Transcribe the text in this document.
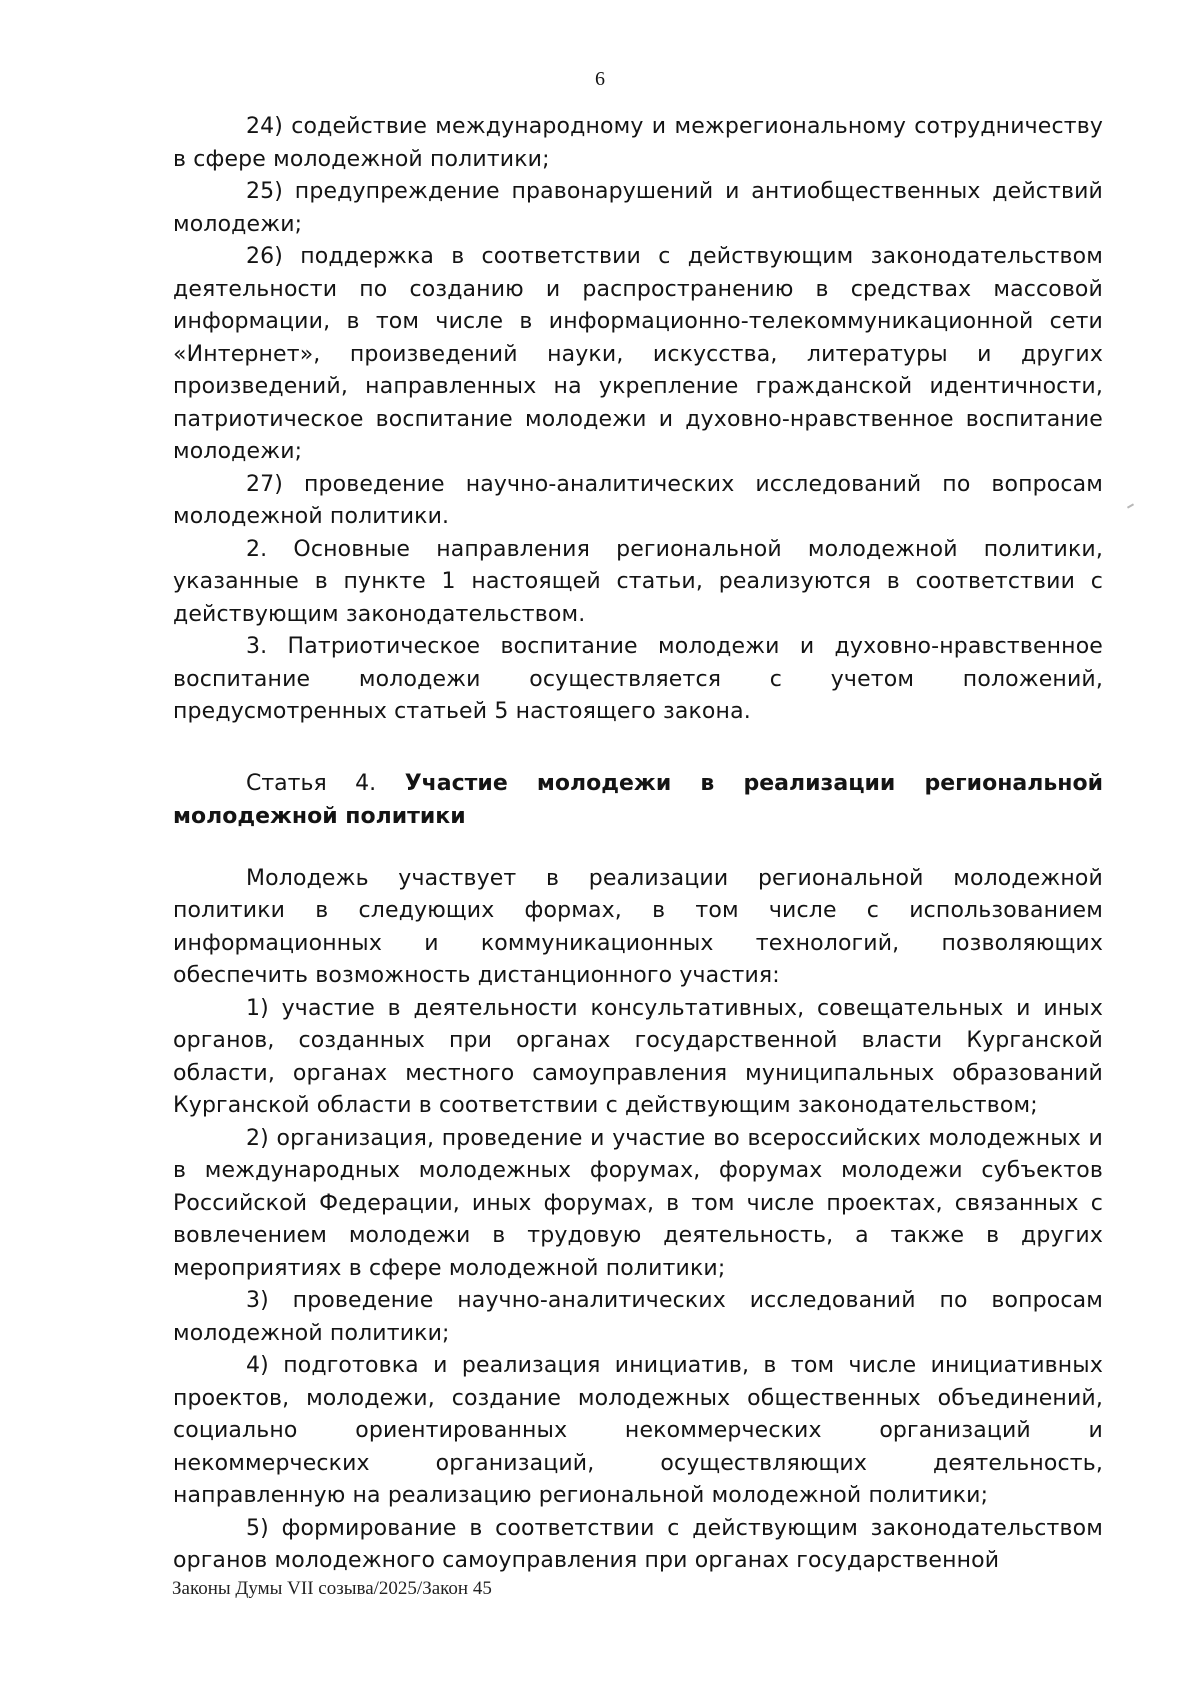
6

24) содействие международному и межрегиональному сотрудничеству в сфере молодежной политики;

25) предупреждение правонарушений и антиобщественных действий молодежи;

26) поддержка в соответствии с действующим законодательством деятельности по созданию и распространению в средствах массовой информации, в том числе в информационно-телекоммуникационной сети «Интернет», произведений науки, искусства, литературы и других произведений, направленных на укрепление гражданской идентичности, патриотическое воспитание молодежи и духовно-нравственное воспитание молодежи;

27) проведение научно-аналитических исследований по вопросам молодежной политики.

2. Основные направления региональной молодежной политики, указанные в пункте 1 настоящей статьи, реализуются в соответствии с действующим законодательством.

3. Патриотическое воспитание молодежи и духовно-нравственное воспитание молодежи осуществляется с учетом положений, предусмотренных статьей 5 настоящего закона.

Статья 4. Участие молодежи в реализации региональной молодежной политики

Молодежь участвует в реализации региональной молодежной политики в следующих формах, в том числе с использованием информационных и коммуникационных технологий, позволяющих обеспечить возможность дистанционного участия:

1) участие в деятельности консультативных, совещательных и иных органов, созданных при органах государственной власти Курганской области, органах местного самоуправления муниципальных образований Курганской области в соответствии с действующим законодательством;

2) организация, проведение и участие во всероссийских молодежных и в международных молодежных форумах, форумах молодежи субъектов Российской Федерации, иных форумах, в том числе проектах, связанных с вовлечением молодежи в трудовую деятельность, а также в других мероприятиях в сфере молодежной политики;

3) проведение научно-аналитических исследований по вопросам молодежной политики;

4) подготовка и реализация инициатив, в том числе инициативных проектов, молодежи, создание молодежных общественных объединений, социально ориентированных некоммерческих организаций и некоммерческих организаций, осуществляющих деятельность, направленную на реализацию региональной молодежной политики;

5) формирование в соответствии с действующим законодательством органов молодежного самоуправления при органах государственной

Законы Думы VII созыва/2025/Закон 45
